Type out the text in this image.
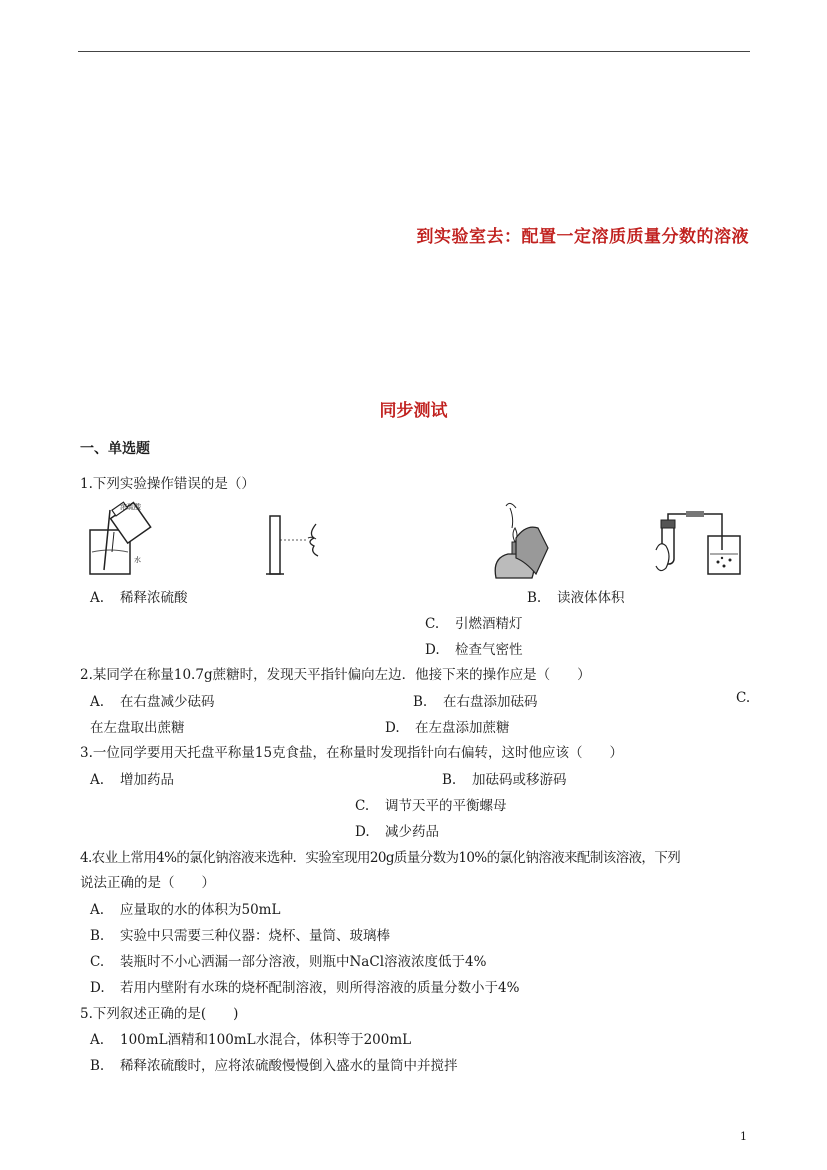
到实验室去：配置一定溶质质量分数的溶液
同步测试
一、单选题
1.下列实验操作错误的是（）
浓硫酸
水
A. 稀释浓硫酸	B. 读液体体积
C. 引燃酒精灯
D. 检查气密性
2.某同学在称量10.7g蔗糖时，发现天平指针偏向左边．他接下来的操作应是（　　）
A. 在右盘减少砝码	B. 在右盘添加砝码	C.
在左盘取出蔗糖	D. 在左盘添加蔗糖
3.一位同学要用天托盘平称量15克食盐，在称量时发现指针向右偏转，这时他应该（　　）
A. 增加药品	B. 加砝码或移游码
C. 调节天平的平衡螺母
D. 减少药品
4.农业上常用4%的氯化钠溶液来选种．实验室现用20g质量分数为10%的氯化钠溶液来配制该溶液，下列
说法正确的是（　　）
A. 应量取的水的体积为50mL
B. 实验中只需要三种仪器：烧杯、量筒、玻璃棒
C. 装瓶时不小心洒漏一部分溶液，则瓶中NaCl溶液浓度低于4%
D. 若用内壁附有水珠的烧杯配制溶液，则所得溶液的质量分数小于4%
5.下列叙述正确的是(　　)
A. 100mL酒精和100mL水混合，体积等于200mL
B. 稀释浓硫酸时，应将浓硫酸慢慢倒入盛水的量筒中并搅拌
1
